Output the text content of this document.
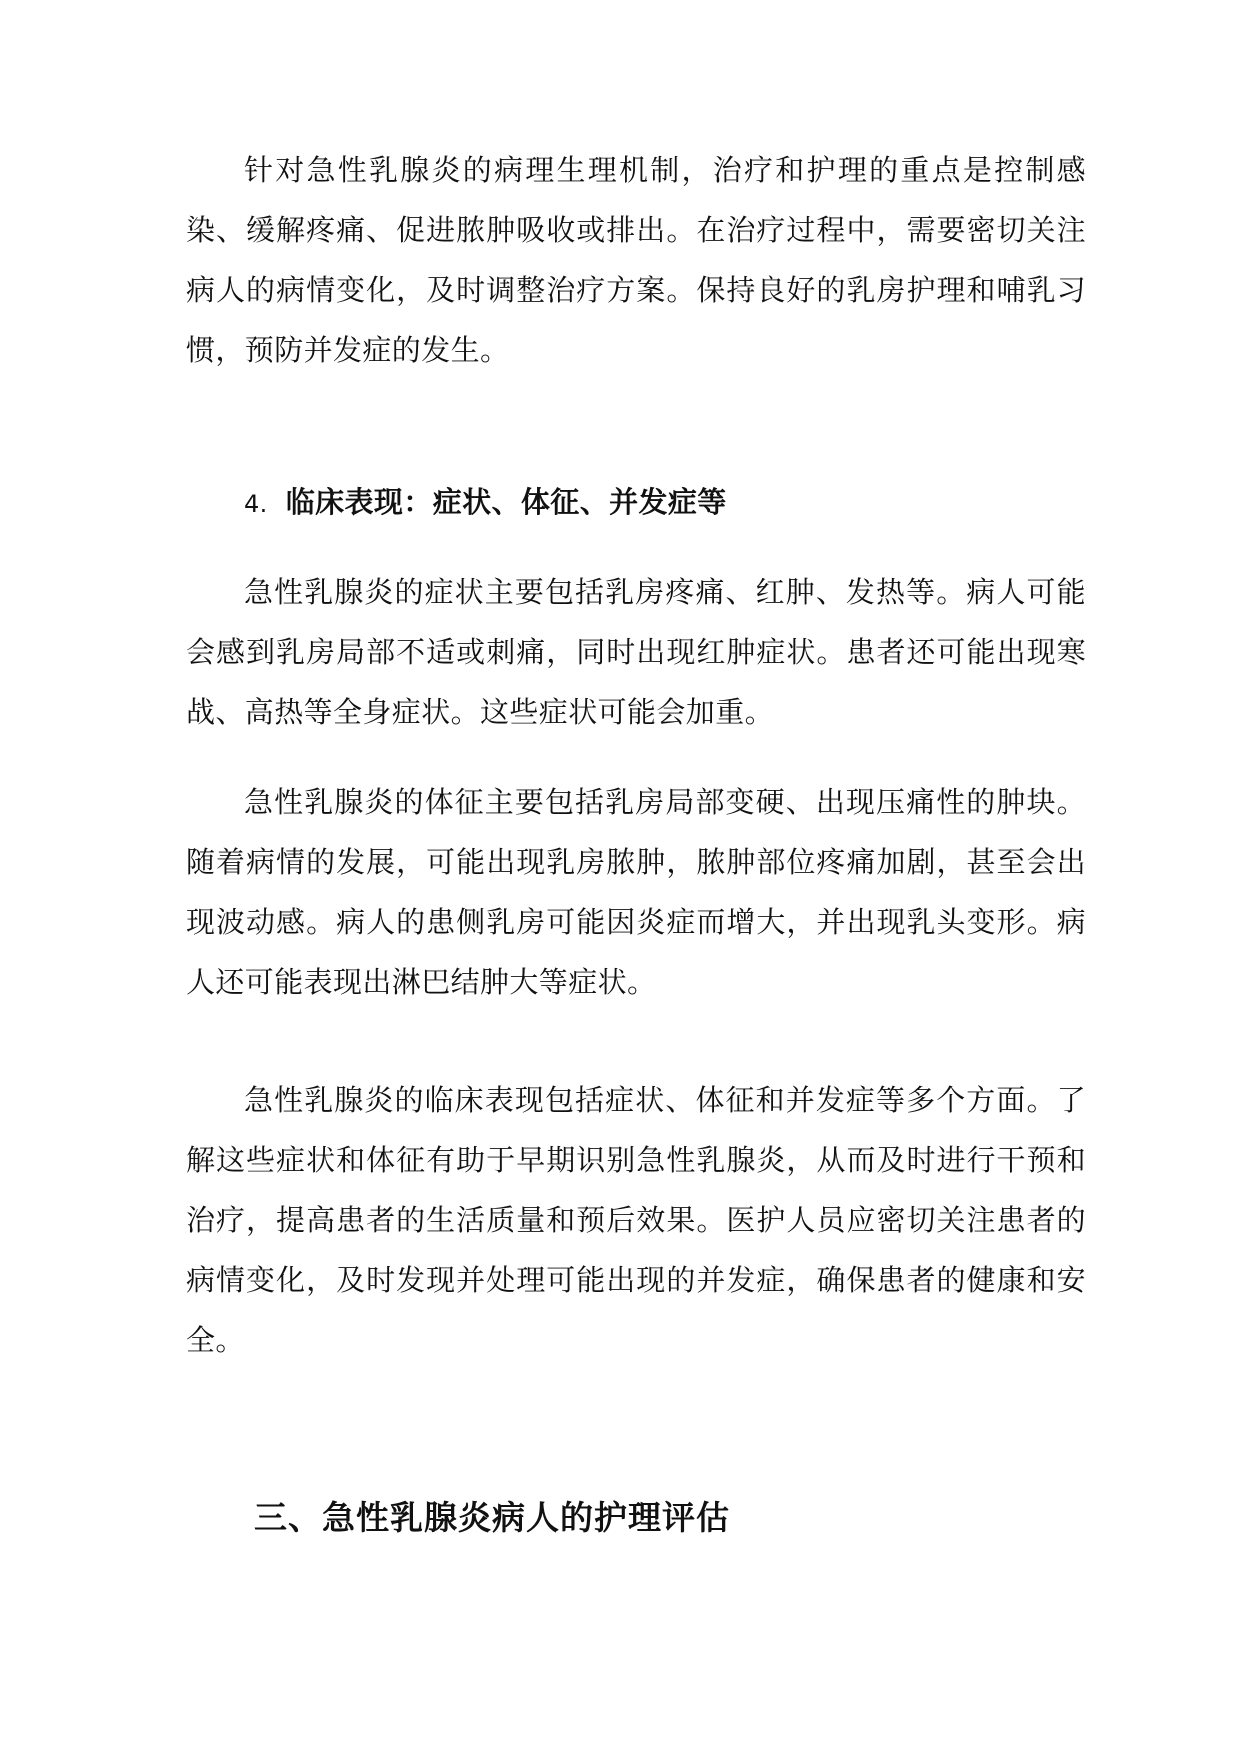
针对急性乳腺炎的病理生理机制，治疗和护理的重点是控制感染、缓解疼痛、促进脓肿吸收或排出。在治疗过程中，需要密切关注病人的病情变化，及时调整治疗方案。保持良好的乳房护理和哺乳习惯，预防并发症的发生。

4. 临床表现：症状、体征、并发症等

急性乳腺炎的症状主要包括乳房疼痛、红肿、发热等。病人可能会感到乳房局部不适或刺痛，同时出现红肿症状。患者还可能出现寒战、高热等全身症状。这些症状可能会加重。

急性乳腺炎的体征主要包括乳房局部变硬、出现压痛性的肿块。随着病情的发展，可能出现乳房脓肿，脓肿部位疼痛加剧，甚至会出现波动感。病人的患侧乳房可能因炎症而增大，并出现乳头变形。病人还可能表现出淋巴结肿大等症状。

急性乳腺炎的临床表现包括症状、体征和并发症等多个方面。了解这些症状和体征有助于早期识别急性乳腺炎，从而及时进行干预和治疗，提高患者的生活质量和预后效果。医护人员应密切关注患者的病情变化，及时发现并处理可能出现的并发症，确保患者的健康和安全。

三、急性乳腺炎病人的护理评估
